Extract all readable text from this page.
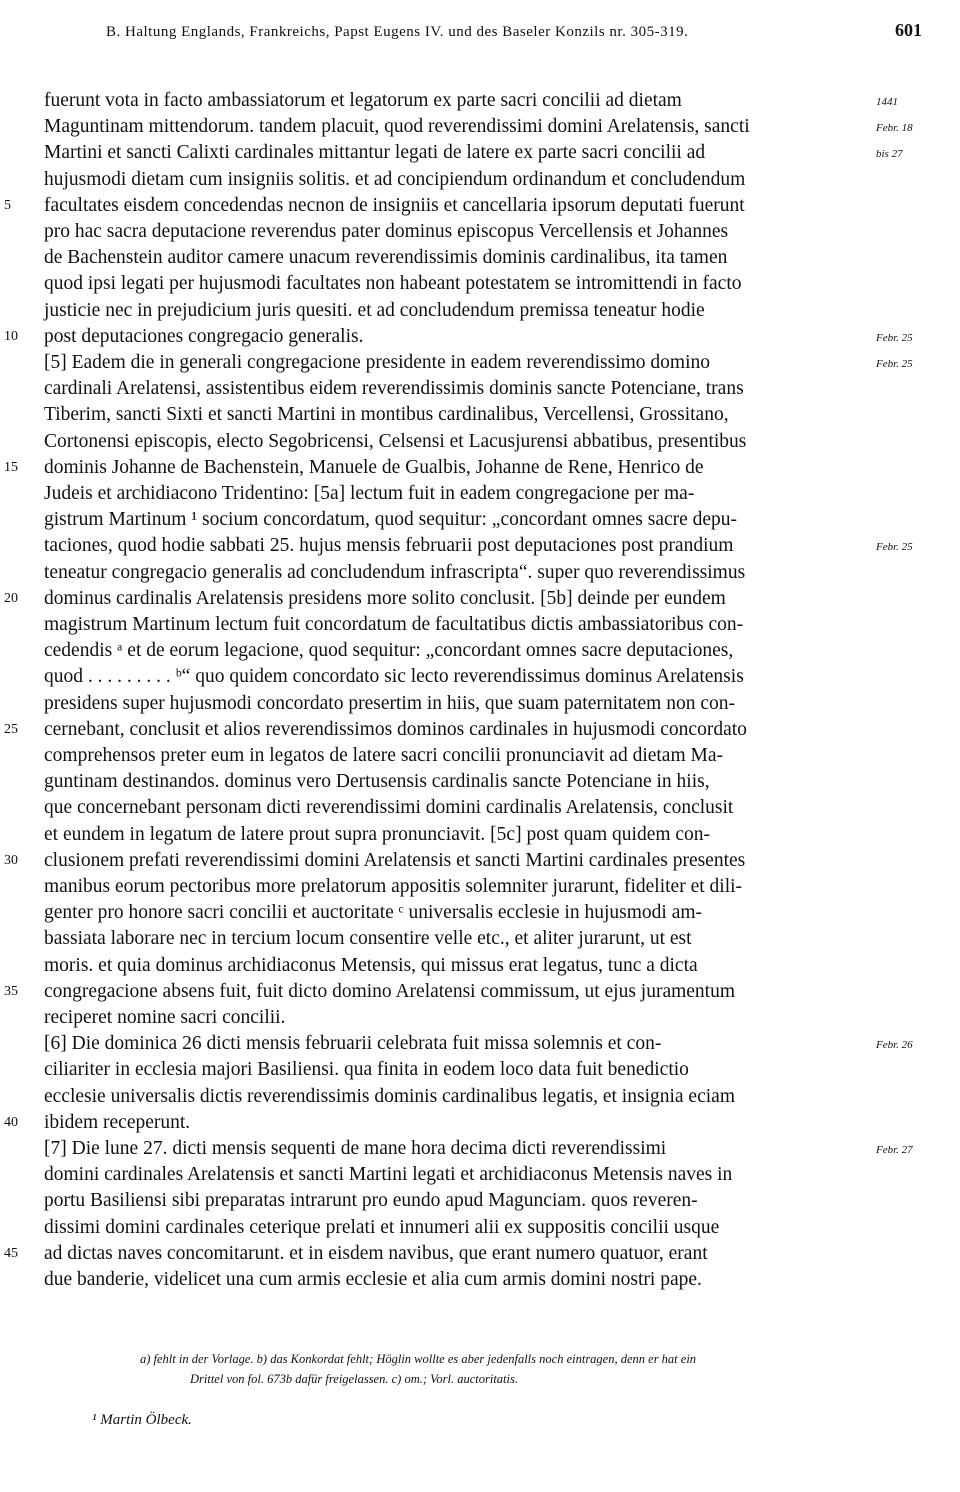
B. Haltung Englands, Frankreichs, Papst Eugens IV. und des Baseler Konzils nr. 305-319.	601
fuerunt vota in facto ambassiatorum et legatorum ex parte sacri concilii ad dietam
Maguntinam mittendorum. tandem placuit, quod reverendissimi domini Arelatensis, sancti
Martini et sancti Calixti cardinales mittantur legati de latere ex parte sacri concilii ad
hujusmodi dietam cum insigniis solitis. et ad concipiendum ordinandum et concludendum
facultates eisdem concedendas necnon de insigniis et cancellaria ipsorum deputati fuerunt
5
pro hac sacra deputacione reverendus pater dominus episcopus Vercellensis et Johannes
de Bachenstein auditor camere unacum reverendissimis dominis cardinalibus, ita tamen
quod ipsi legati per hujusmodi facultates non habeant potestatem se intromittendi in facto
justicie nec in prejudicium juris quesiti. et ad concludendum premissa teneatur hodie
post deputaciones congregacio generalis.
10
[5] Eadem die in generali congregacione presidente in eadem reverendissimo domino
cardinali Arelatensi, assistentibus eidem reverendissimis dominis sancte Potenciane, trans
Tiberim, sancti Sixti et sancti Martini in montibus cardinalibus, Vercellensi, Grossitano,
Cortonensi episcopis, electo Segobricensi, Celsensi et Lacusjurensi abbatibus, presentibus
dominis Johanne de Bachenstein, Manuele de Gualbis, Johanne de Rene, Henrico de
15
Judeis et archidiacono Tridentino: [5a] lectum fuit in eadem congregacione per ma-
gistrum Martinum ¹ socium concordatum, quod sequitur: „concordant omnes sacre depu-
taciones, quod hodie sabbati 25. hujus mensis februarii post deputaciones post prandium
teneatur congregacio generalis ad concludendum infrascripta“. super quo reverendissimus
dominus cardinalis Arelatensis presidens more solito conclusit. [5b] deinde per eundem
20
magistrum Martinum lectum fuit concordatum de facultatibus dictis ambassiatoribus con-
cedendis ᵃ et de eorum legacione, quod sequitur: „concordant omnes sacre deputaciones,
quod . . . . . . . . . ᵇ“ quo quidem concordato sic lecto reverendissimus dominus Arelatensis
presidens super hujusmodi concordato presertim in hiis, que suam paternitatem non con-
cernebant, conclusit et alios reverendissimos dominos cardinales in hujusmodi concordato
25
comprehensos preter eum in legatos de latere sacri concilii pronunciavit ad dietam Ma-
guntinam destinandos. dominus vero Dertusensis cardinalis sancte Potenciane in hiis,
que concernebant personam dicti reverendissimi domini cardinalis Arelatensis, conclusit
et eundem in legatum de latere prout supra pronunciavit. [5c] post quam quidem con-
clusionem prefati reverendissimi domini Arelatensis et sancti Martini cardinales presentes
30
manibus eorum pectoribus more prelatorum appositis solemniter jurarunt, fideliter et dili-
genter pro honore sacri concilii et auctoritate ᶜ universalis ecclesie in hujusmodi am-
bassiata laborare nec in tercium locum consentire velle etc., et aliter jurarunt, ut est
moris. et quia dominus archidiaconus Metensis, qui missus erat legatus, tunc a dicta
congregacione absens fuit, fuit dicto domino Arelatensi commissum, ut ejus juramentum
35
reciperet nomine sacri concilii.
[6] Die dominica 26 dicti mensis februarii celebrata fuit missa solemnis et con-
ciliariter in ecclesia majori Basiliensi. qua finita in eodem loco data fuit benedictio
ecclesie universalis dictis reverendissimis dominis cardinalibus legatis, et insignia eciam
ibidem receperunt.
40
[7] Die lune 27. dicti mensis sequenti de mane hora decima dicti reverendissimi
domini cardinales Arelatensis et sancti Martini legati et archidiaconus Metensis naves in
portu Basiliensi sibi preparatas intrarunt pro eundo apud Magunciam. quos reveren-
dissimi domini cardinales ceterique prelati et innumeri alii ex suppositis concilii usque
ad dictas naves concomitarunt. et in eisdem navibus, que erant numero quatuor, erant
45
due banderie, videlicet una cum armis ecclesie et alia cum armis domini nostri pape.
1441
Febr. 18
bis 27
Febr. 25
Febr. 25
Febr. 25
Febr. 26
Febr. 27
a) fehlt in der Vorlage. b) das Konkordat fehlt; Höglin wollte es aber jedenfalls noch eintragen, denn er hat ein
Drittel von fol. 673b dafür freigelassen. c) om.; Vorl. auctoritatis.
¹ Martin Ölbeck.
